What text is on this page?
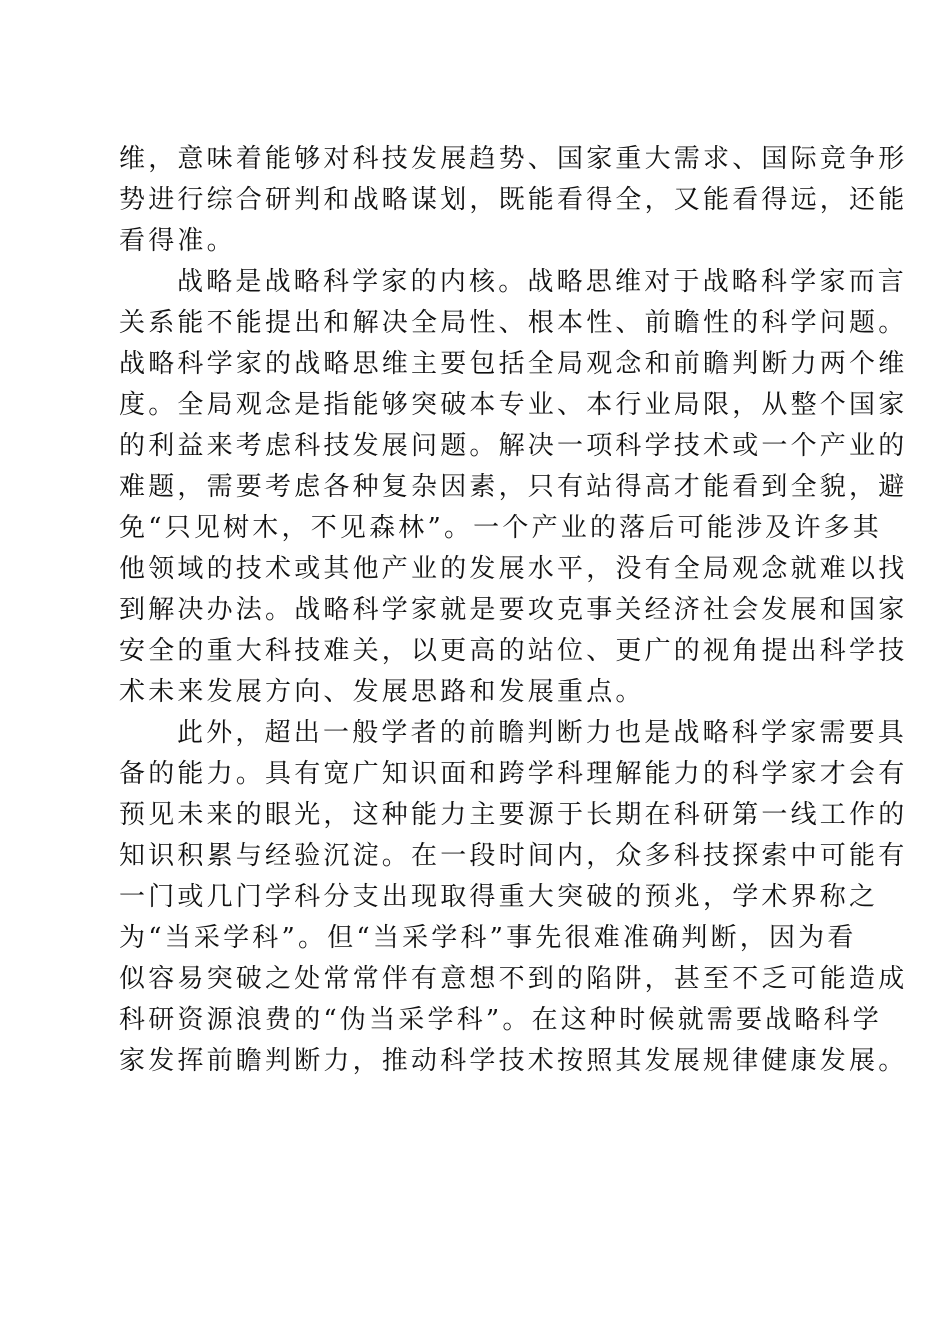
维，意味着能够对科技发展趋势、国家重大需求、国际竞争形
势进行综合研判和战略谋划，既能看得全，又能看得远，还能
看得准。
战略是战略科学家的内核。战略思维对于战略科学家而言
关系能不能提出和解决全局性、根本性、前瞻性的科学问题。
战略科学家的战略思维主要包括全局观念和前瞻判断力两个维
度。全局观念是指能够突破本专业、本行业局限，从整个国家
的利益来考虑科技发展问题。解决一项科学技术或一个产业的
难题，需要考虑各种复杂因素，只有站得高才能看到全貌，避
免“只见树木，不见森林”。一个产业的落后可能涉及许多其
他领域的技术或其他产业的发展水平，没有全局观念就难以找
到解决办法。战略科学家就是要攻克事关经济社会发展和国家
安全的重大科技难关，以更高的站位、更广的视角提出科学技
术未来发展方向、发展思路和发展重点。
此外，超出一般学者的前瞻判断力也是战略科学家需要具
备的能力。具有宽广知识面和跨学科理解能力的科学家才会有
预见未来的眼光，这种能力主要源于长期在科研第一线工作的
知识积累与经验沉淀。在一段时间内，众多科技探索中可能有
一门或几门学科分支出现取得重大突破的预兆，学术界称之
为“当采学科”。但“当采学科”事先很难准确判断，因为看
似容易突破之处常常伴有意想不到的陷阱，甚至不乏可能造成
科研资源浪费的“伪当采学科”。在这种时候就需要战略科学
家发挥前瞻判断力，推动科学技术按照其发展规律健康发展。
